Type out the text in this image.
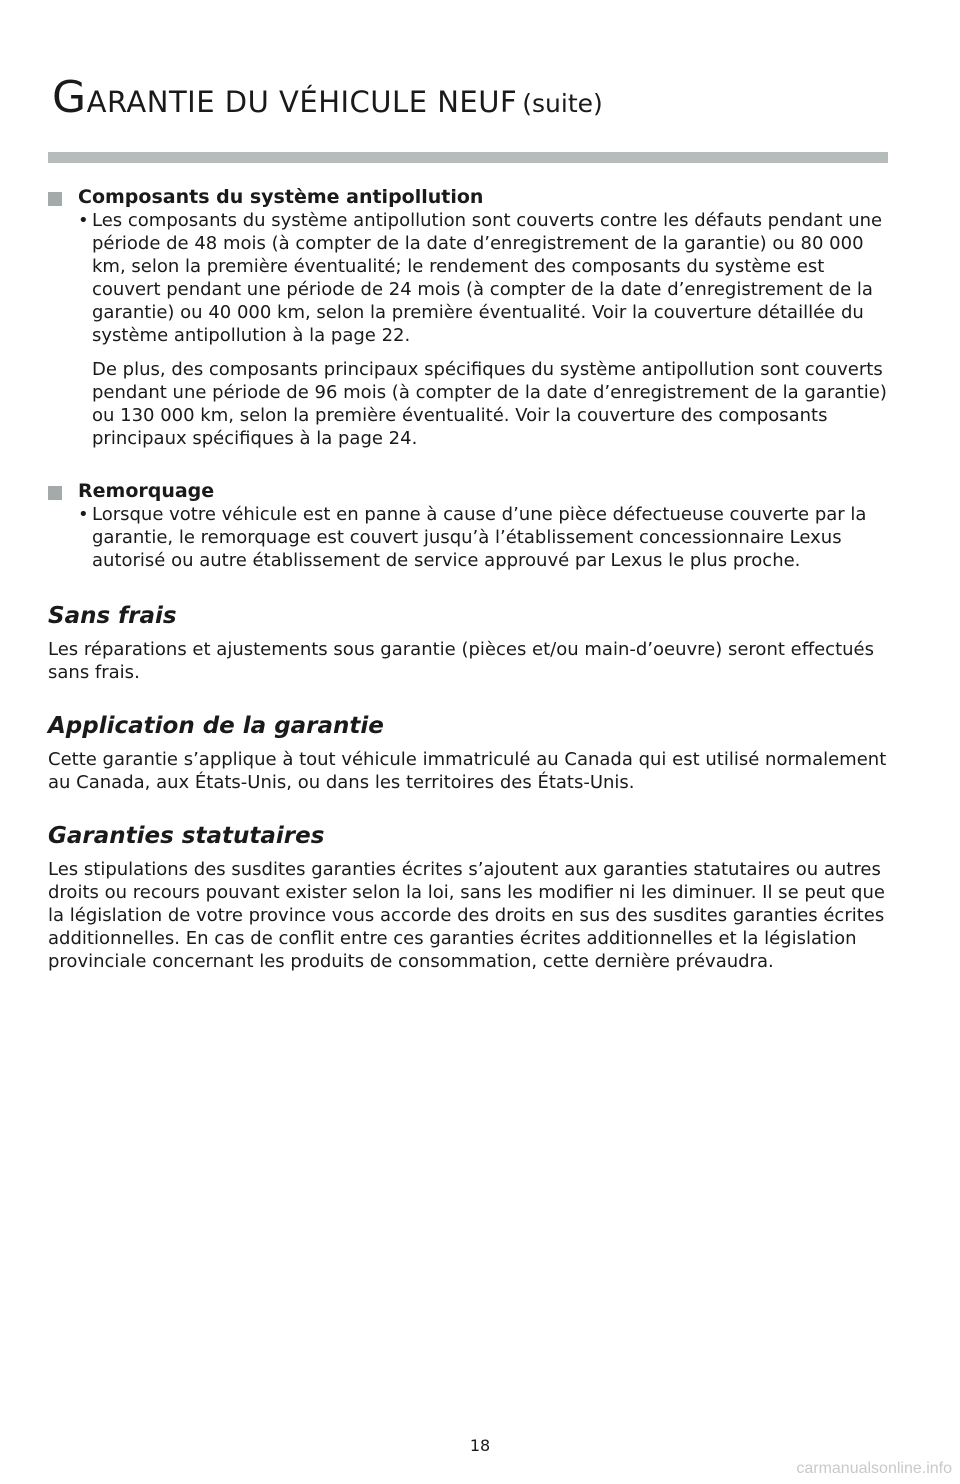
GARANTIE DU VÉHICULE NEUF (suite)

Composants du système antipollution

• Les composants du système antipollution sont couverts contre les défauts pendant une période de 48 mois (à compter de la date d’enregistrement de la garantie) ou 80 000 km, selon la première éventualité; le rendement des composants du système est couvert pendant une période de 24 mois (à compter de la date d’enregistrement de la garantie) ou 40 000 km, selon la première éventualité. Voir la couverture détaillée du système antipollution à la page 22.

De plus, des composants principaux spécifiques du système antipollution sont couverts pendant une période de 96 mois (à compter de la date d’enregistrement de la garantie) ou 130 000 km, selon la première éventualité. Voir la couverture des composants principaux spécifiques à la page 24.

Remorquage

• Lorsque votre véhicule est en panne à cause d’une pièce défectueuse couverte par la garantie, le remorquage est couvert jusqu’à l’établissement concessionnaire Lexus autorisé ou autre établissement de service approuvé par Lexus le plus proche.

Sans frais

Les réparations et ajustements sous garantie (pièces et/ou main-d’oeuvre) seront effectués sans frais.

Application de la garantie

Cette garantie s’applique à tout véhicule immatriculé au Canada qui est utilisé normalement au Canada, aux États-Unis, ou dans les territoires des États-Unis.

Garanties statutaires

Les stipulations des susdites garanties écrites s’ajoutent aux garanties statutaires ou autres droits ou recours pouvant exister selon la loi, sans les modifier ni les diminuer. Il se peut que la législation de votre province vous accorde des droits en sus des susdites garanties écrites additionnelles. En cas de conflit entre ces garanties écrites additionnelles et la législation provinciale concernant les produits de consommation, cette dernière prévaudra.

18
carmanualsonline.info
